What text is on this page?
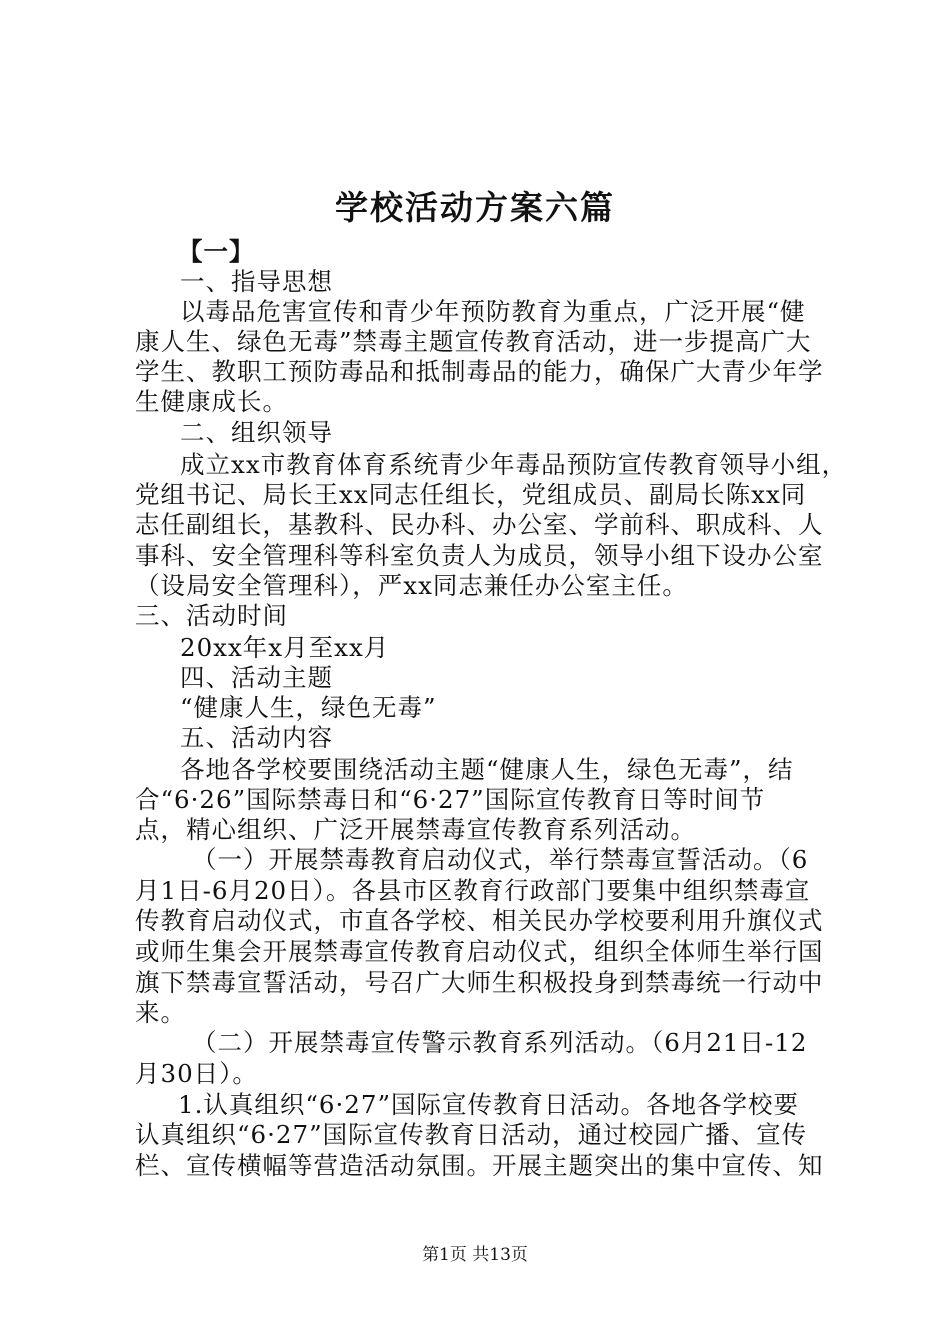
学校活动方案六篇
【一】
一、指导思想
以毒品危害宣传和青少年预防教育为重点，广泛开展“健
康人生、绿色无毒”禁毒主题宣传教育活动，进一步提高广大
学生、教职工预防毒品和抵制毒品的能力，确保广大青少年学
生健康成长。
二、组织领导
成立xx市教育体育系统青少年毒品预防宣传教育领导小组，
党组书记、局长王xx同志任组长，党组成员、副局长陈xx同
志任副组长，基教科、民办科、办公室、学前科、职成科、人
事科、安全管理科等科室负责人为成员，领导小组下设办公室
（设局安全管理科），严xx同志兼任办公室主任。
三、活动时间
20xx年x月至xx月
四、活动主题
“健康人生，绿色无毒”
五、活动内容
各地各学校要围绕活动主题“健康人生，绿色无毒”，结
合“6·26”国际禁毒日和“6·27”国际宣传教育日等时间节
点，精心组织、广泛开展禁毒宣传教育系列活动。
（一）开展禁毒教育启动仪式，举行禁毒宣誓活动。（6
月1日-6月20日）。各县市区教育行政部门要集中组织禁毒宣
传教育启动仪式，市直各学校、相关民办学校要利用升旗仪式
或师生集会开展禁毒宣传教育启动仪式，组织全体师生举行国
旗下禁毒宣誓活动，号召广大师生积极投身到禁毒统一行动中
来。
（二）开展禁毒宣传警示教育系列活动。（6月21日-12
月30日）。
1.认真组织“6·27”国际宣传教育日活动。各地各学校要
认真组织“6·27”国际宣传教育日活动，通过校园广播、宣传
栏、宣传横幅等营造活动氛围。开展主题突出的集中宣传、知
第1页 共13页
